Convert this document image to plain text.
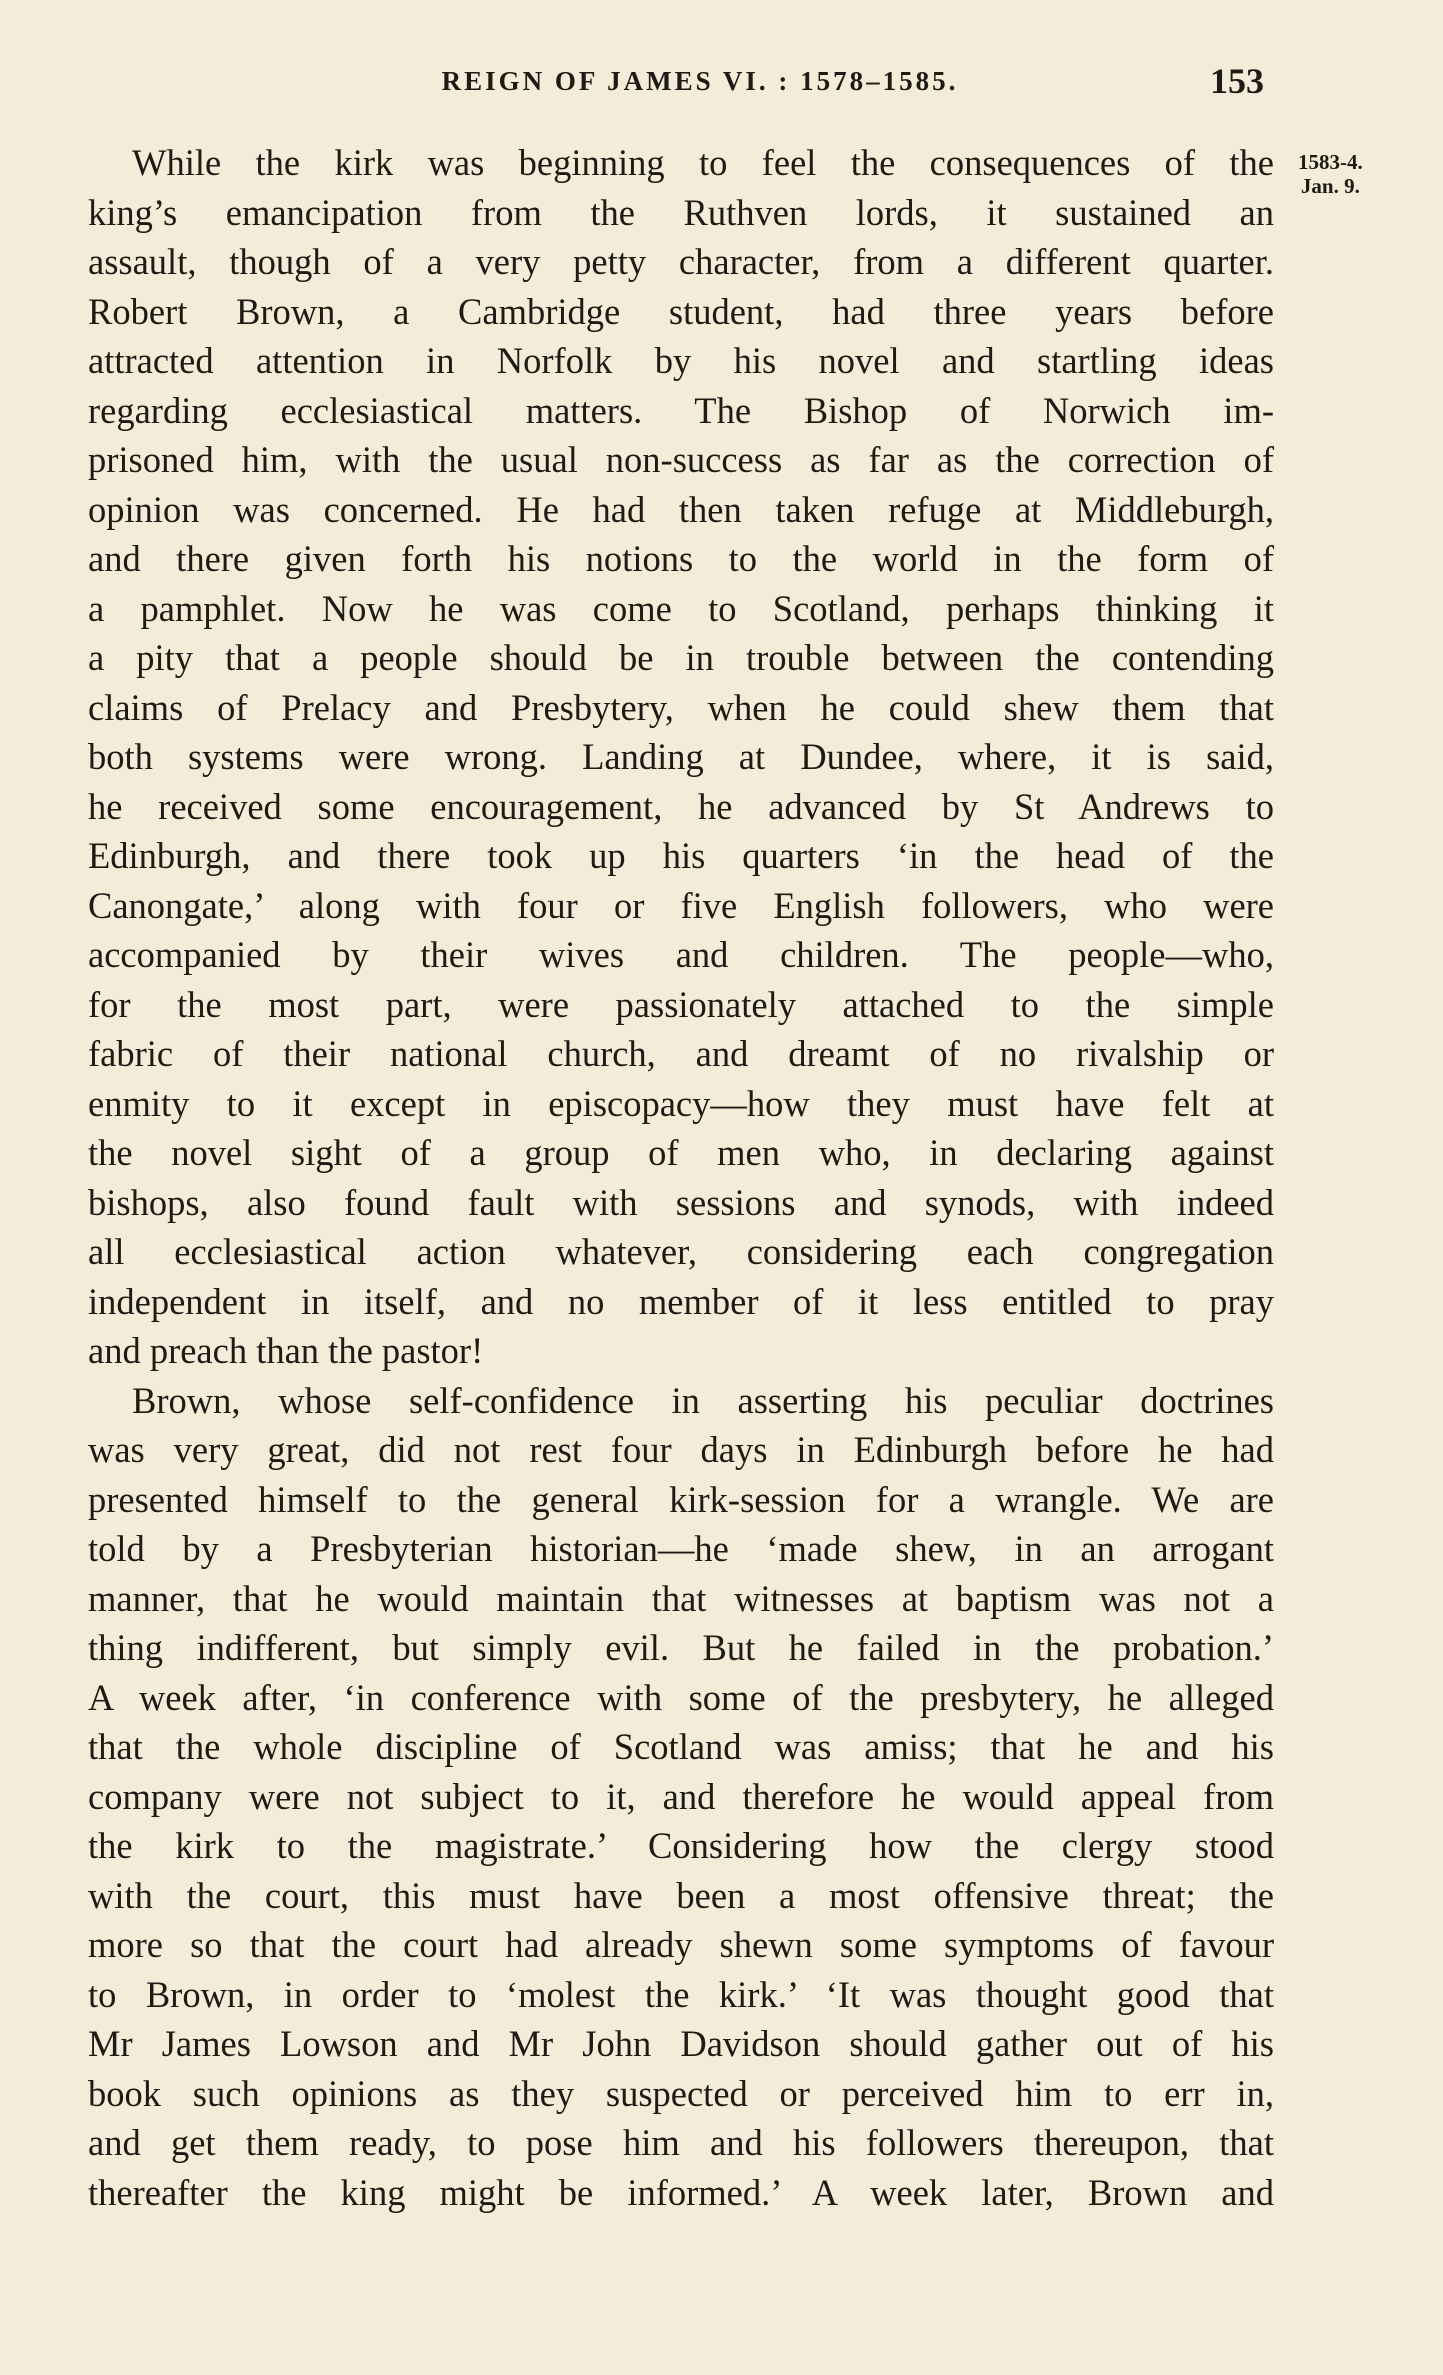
REIGN OF JAMES VI. : 1578–1585.	153
1583-4.
Jan. 9.
While the kirk was beginning to feel the consequences of the
king’s emancipation from the Ruthven lords, it sustained an
assault, though of a very petty character, from a different quarter.
Robert Brown, a Cambridge student, had three years before
attracted attention in Norfolk by his novel and startling ideas
regarding ecclesiastical matters. The Bishop of Norwich im-
prisoned him, with the usual non-success as far as the correction of
opinion was concerned. He had then taken refuge at Middleburgh,
and there given forth his notions to the world in the form of
a pamphlet. Now he was come to Scotland, perhaps thinking it
a pity that a people should be in trouble between the contending
claims of Prelacy and Presbytery, when he could shew them that
both systems were wrong. Landing at Dundee, where, it is said,
he received some encouragement, he advanced by St Andrews to
Edinburgh, and there took up his quarters ‘in the head of the
Canongate,’ along with four or five English followers, who were
accompanied by their wives and children. The people—who,
for the most part, were passionately attached to the simple
fabric of their national church, and dreamt of no rivalship or
enmity to it except in episcopacy—how they must have felt at
the novel sight of a group of men who, in declaring against
bishops, also found fault with sessions and synods, with indeed
all ecclesiastical action whatever, considering each congregation
independent in itself, and no member of it less entitled to pray
and preach than the pastor!
Brown, whose self-confidence in asserting his peculiar doctrines
was very great, did not rest four days in Edinburgh before he had
presented himself to the general kirk-session for a wrangle. We are
told by a Presbyterian historian—he ‘made shew, in an arrogant
manner, that he would maintain that witnesses at baptism was not a
thing indifferent, but simply evil. But he failed in the probation.’
A week after, ‘in conference with some of the presbytery, he alleged
that the whole discipline of Scotland was amiss; that he and his
company were not subject to it, and therefore he would appeal from
the kirk to the magistrate.’ Considering how the clergy stood
with the court, this must have been a most offensive threat; the
more so that the court had already shewn some symptoms of favour
to Brown, in order to ‘molest the kirk.’ ‘It was thought good that
Mr James Lowson and Mr John Davidson should gather out of his
book such opinions as they suspected or perceived him to err in,
and get them ready, to pose him and his followers thereupon, that
thereafter the king might be informed.’ A week later, Brown and
